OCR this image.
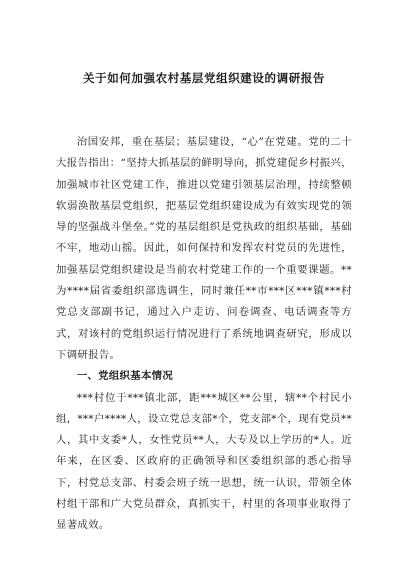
关于如何加强农村基层党组织建设的调研报告

治国安邦，重在基层；基层建设，“心”在党建。党的二十大报告指出：“坚持大抓基层的鲜明导向，抓党建促乡村振兴，加强城市社区党建工作，推进以党建引领基层治理，持续整顿软弱涣散基层党组织，把基层党组织建设成为有效实现党的领导的坚强战斗堡垒。”党的基层组织是党执政的组织基础，基础不牢，地动山摇。因此，如何保持和发挥农村党员的先进性，加强基层党组织建设是当前农村党建工作的一个重要课题。**为****届省委组织部选调生，同时兼任**市***区***镇***村党总支部副书记，通过入户走访、问卷调查、电话调查等方式，对该村的党组织运行情况进行了系统地调查研究，形成以下调研报告。

一、党组织基本情况

***村位于***镇北部，距***城区**公里，辖**个村民小组，***户****人，设立党总支部*个，党支部*个，现有党员**人，其中支委*人，女性党员**人，大专及以上学历的*人。近年来，在区委、区政府的正确领导和区委组织部的悉心指导下，村党总支部、村委会班子统一思想，统一认识，带领全体村组干部和广大党员群众，真抓实干，村里的各项事业取得了显著成效。
